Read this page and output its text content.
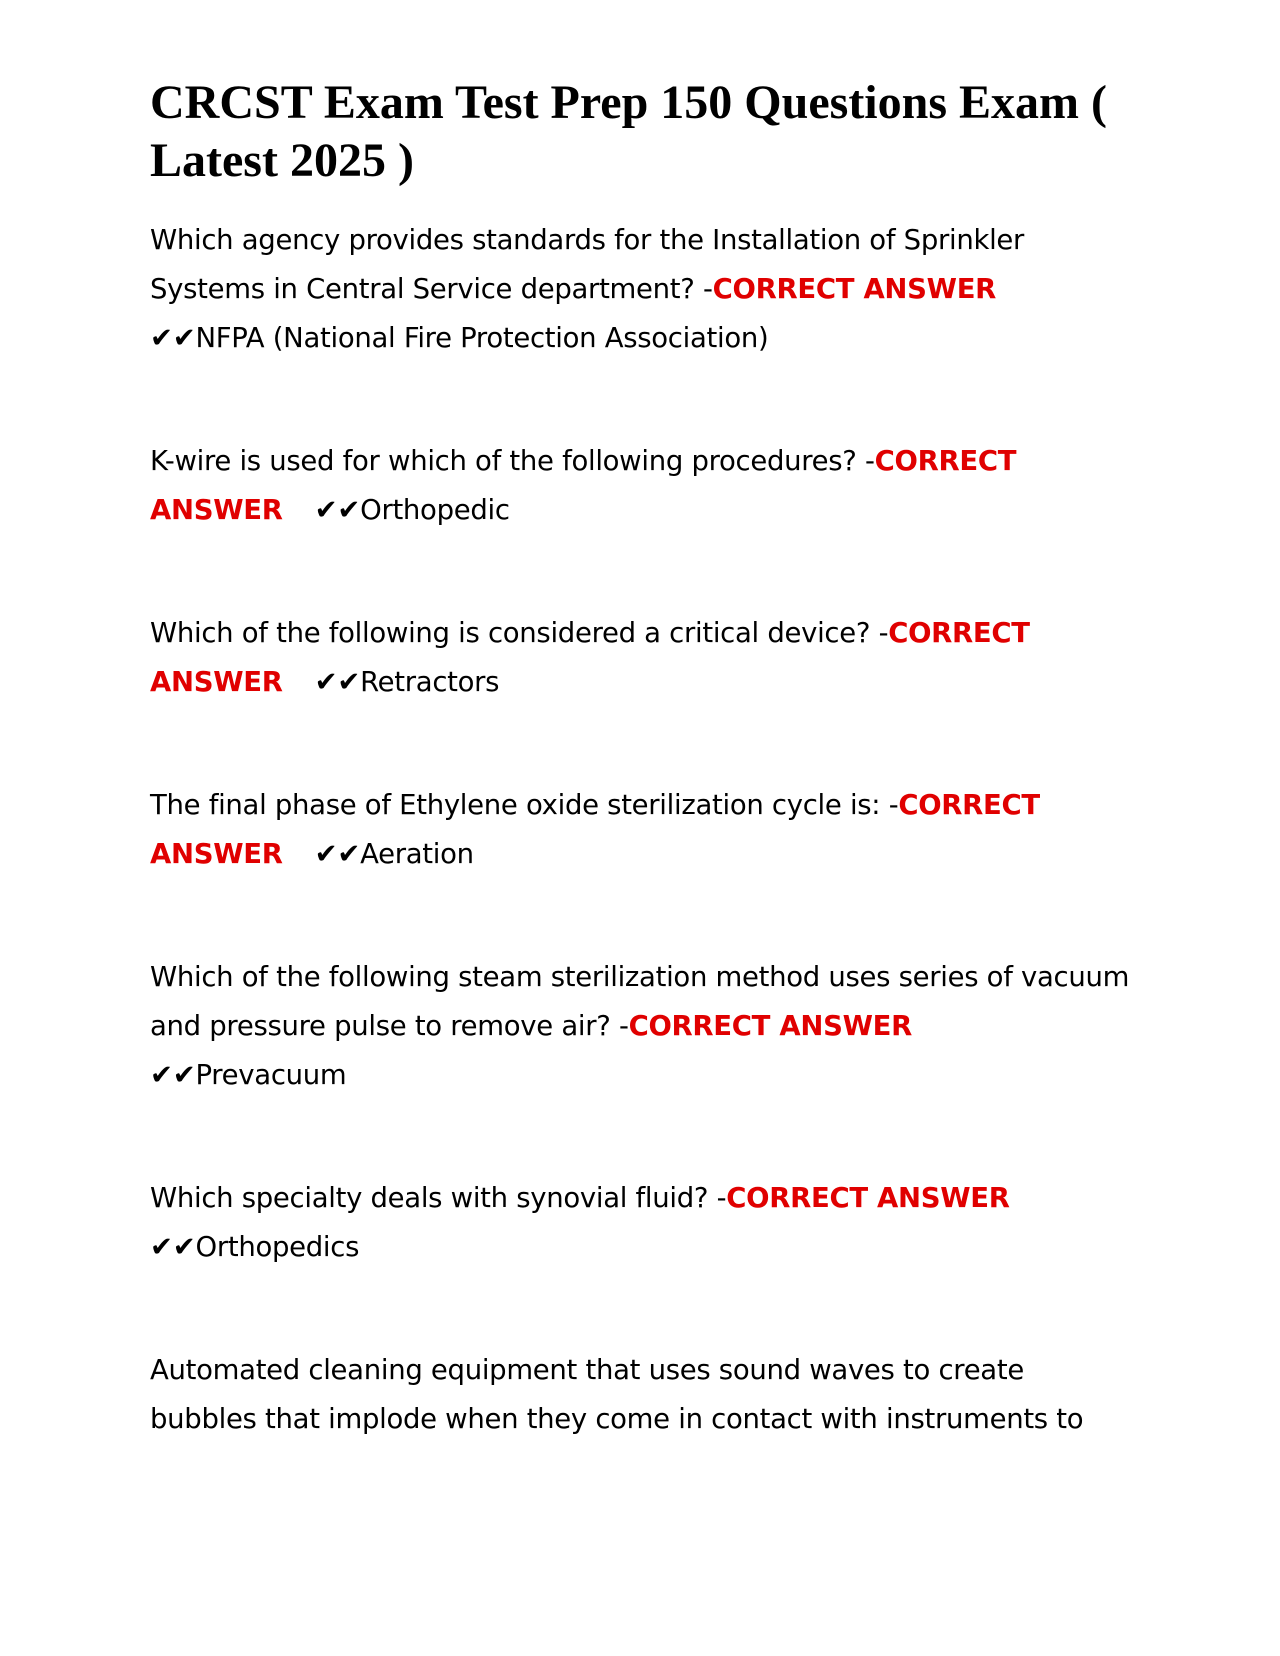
CRCST Exam Test Prep 150 Questions Exam ( Latest 2025 )

Which agency provides standards for the Installation of Sprinkler Systems in Central Service department? -CORRECT ANSWER✔✔NFPA (National Fire Protection Association)

K-wire is used for which of the following procedures? -CORRECT ANSWER ✔✔Orthopedic

Which of the following is considered a critical device? -CORRECT ANSWER ✔✔Retractors

The final phase of Ethylene oxide sterilization cycle is: -CORRECT ANSWER ✔✔Aeration

Which of the following steam sterilization method uses series of vacuum and pressure pulse to remove air? -CORRECT ANSWER✔✔Prevacuum

Which specialty deals with synovial fluid? -CORRECT ANSWER✔✔Orthopedics

Automated cleaning equipment that uses sound waves to create bubbles that implode when they come in contact with instruments to
